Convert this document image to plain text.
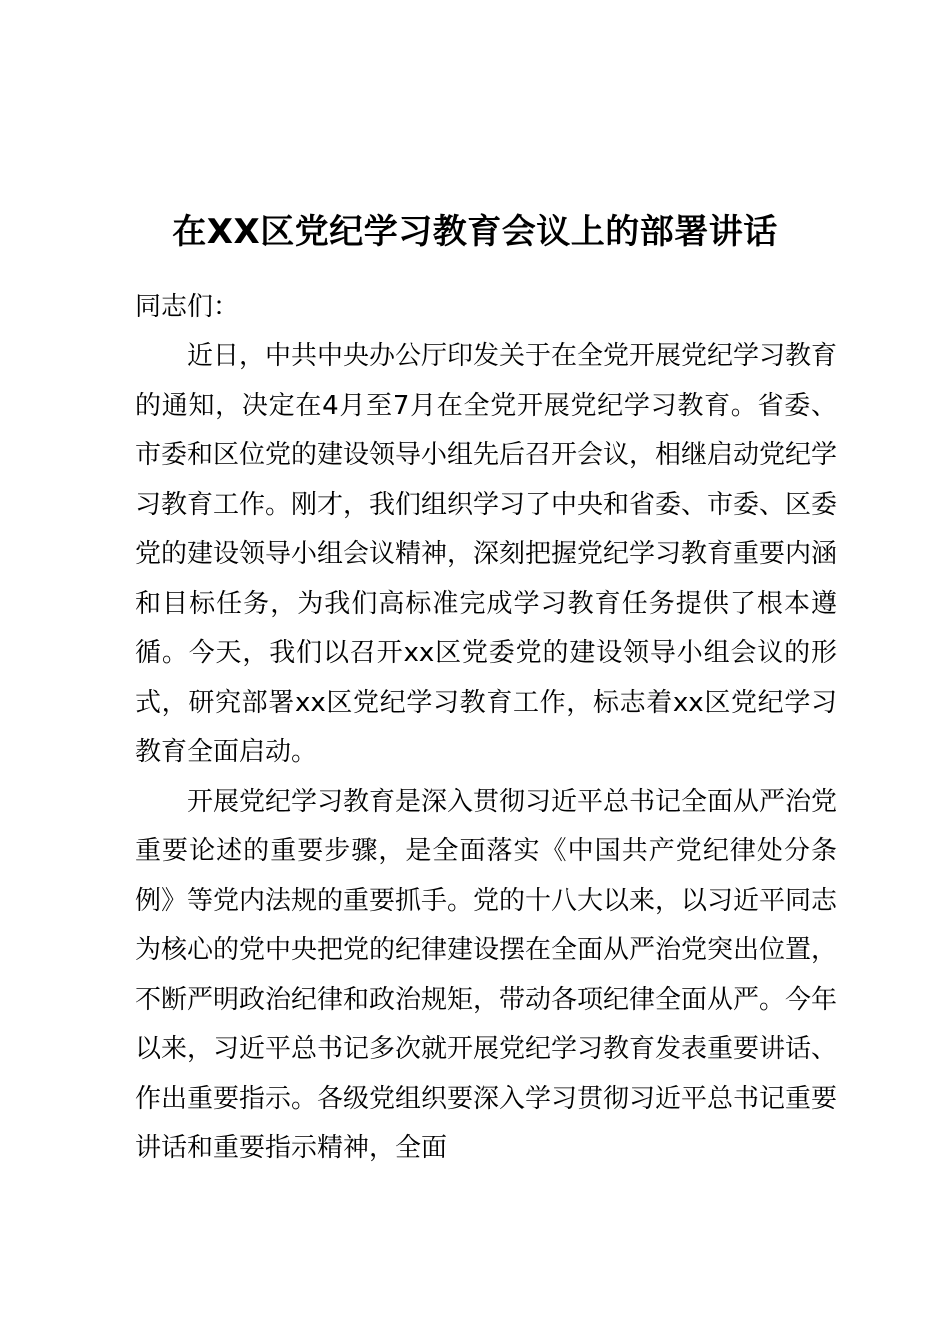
在XX区党纪学习教育会议上的部署讲话

同志们：

近日，中共中央办公厅印发关于在全党开展党纪学习教育的通知，决定在4月至7月在全党开展党纪学习教育。省委、市委和区位党的建设领导小组先后召开会议，相继启动党纪学习教育工作。刚才，我们组织学习了中央和省委、市委、区委党的建设领导小组会议精神，深刻把握党纪学习教育重要内涵和目标任务，为我们高标准完成学习教育任务提供了根本遵循。今天，我们以召开xx区党委党的建设领导小组会议的形式，研究部署xx区党纪学习教育工作，标志着xx区党纪学习教育全面启动。

开展党纪学习教育是深入贯彻习近平总书记全面从严治党重要论述的重要步骤，是全面落实《中国共产党纪律处分条例》等党内法规的重要抓手。党的十八大以来，以习近平同志为核心的党中央把党的纪律建设摆在全面从严治党突出位置，不断严明政治纪律和政治规矩，带动各项纪律全面从严。今年以来，习近平总书记多次就开展党纪学习教育发表重要讲话、作出重要指示。各级党组织要深入学习贯彻习近平总书记重要讲话和重要指示精神，全面
